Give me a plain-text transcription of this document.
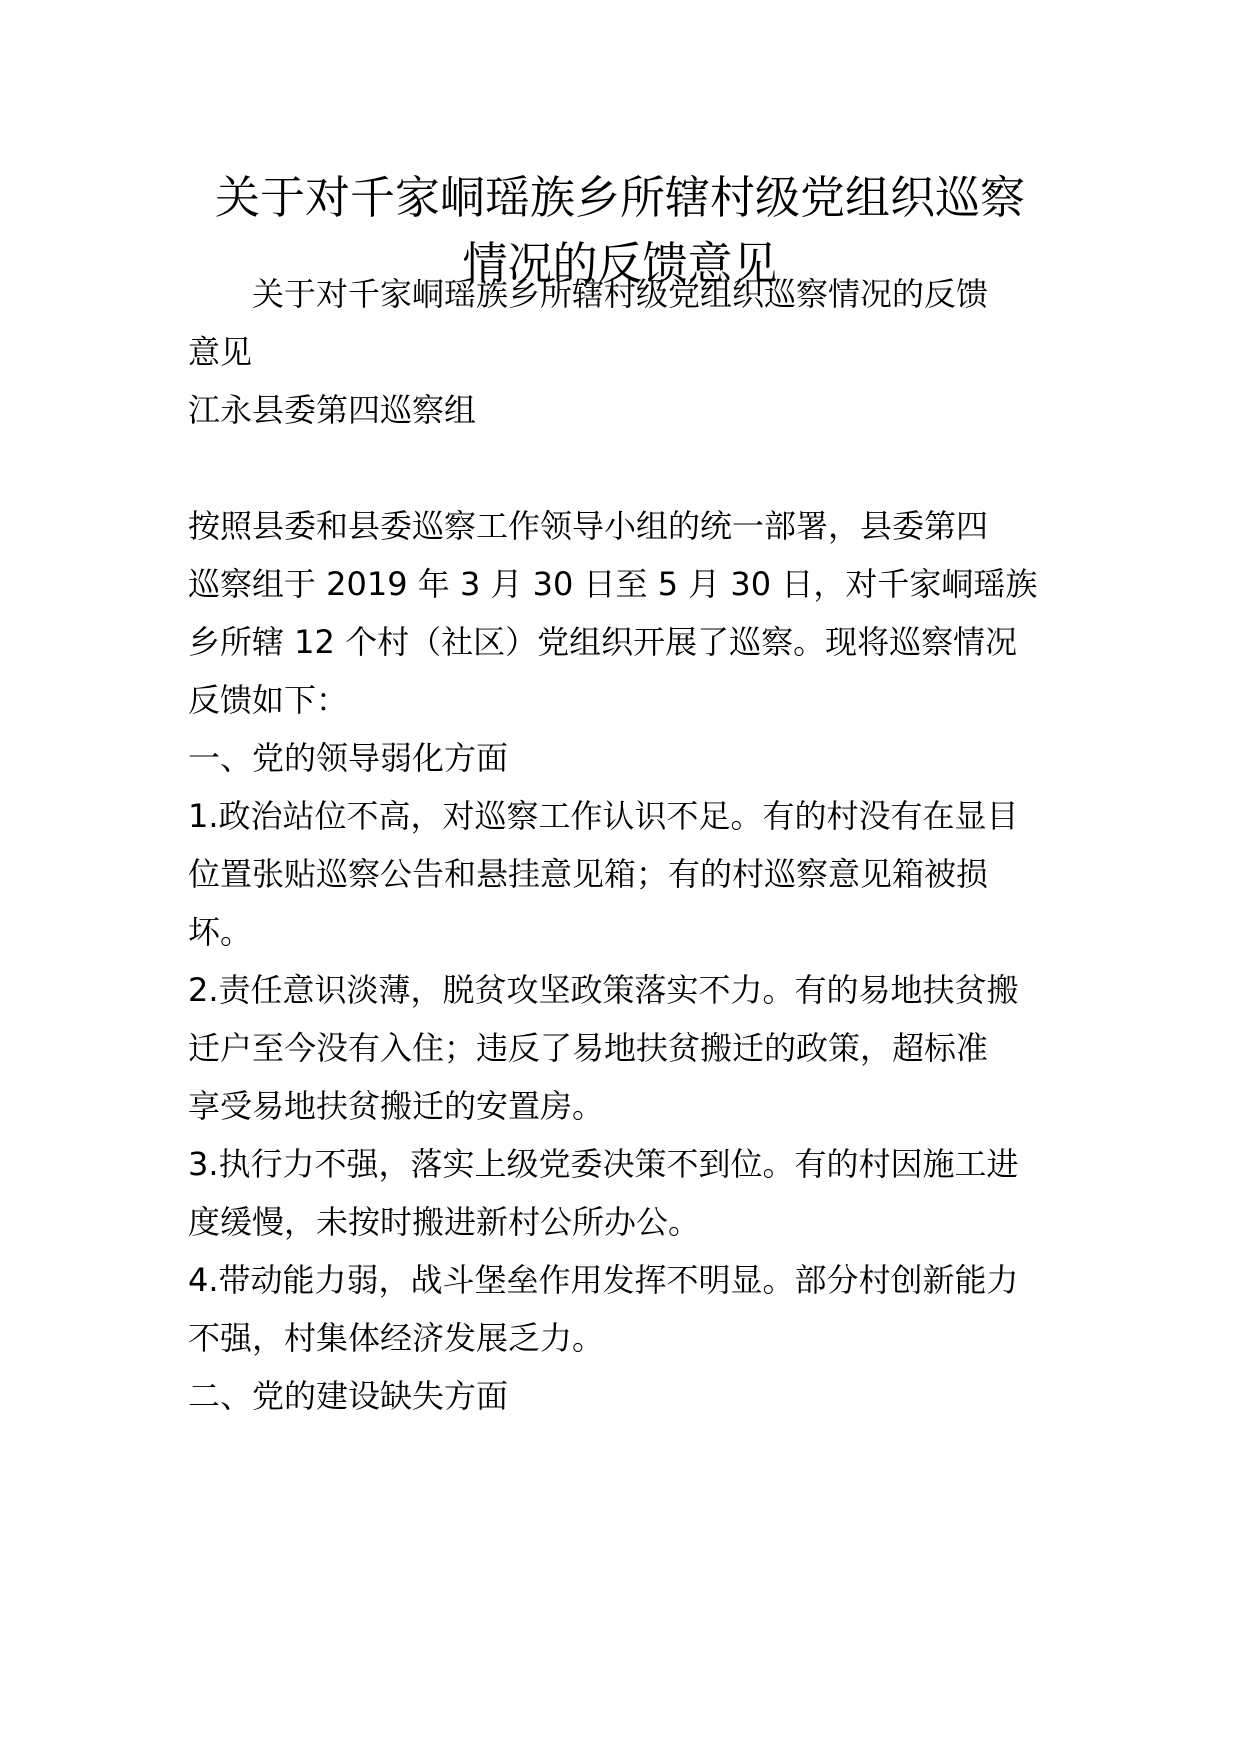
关于对千家峒瑶族乡所辖村级党组织巡察
情况的反馈意见

关于对千家峒瑶族乡所辖村级党组织巡察情况的反馈

意见

江永县委第四巡察组

按照县委和县委巡察工作领导小组的统一部署，县委第四

巡察组于 2019 年 3 月 30 日至 5 月 30 日，对千家峒瑶族

乡所辖 12 个村（社区）党组织开展了巡察。现将巡察情况

反馈如下：

一、党的领导弱化方面

1.政治站位不高，对巡察工作认识不足。有的村没有在显目

位置张贴巡察公告和悬挂意见箱；有的村巡察意见箱被损

坏。

2.责任意识淡薄，脱贫攻坚政策落实不力。有的易地扶贫搬

迁户至今没有入住；违反了易地扶贫搬迁的政策，超标准

享受易地扶贫搬迁的安置房。

3.执行力不强，落实上级党委决策不到位。有的村因施工进

度缓慢，未按时搬进新村公所办公。

4.带动能力弱，战斗堡垒作用发挥不明显。部分村创新能力

不强，村集体经济发展乏力。

二、党的建设缺失方面
